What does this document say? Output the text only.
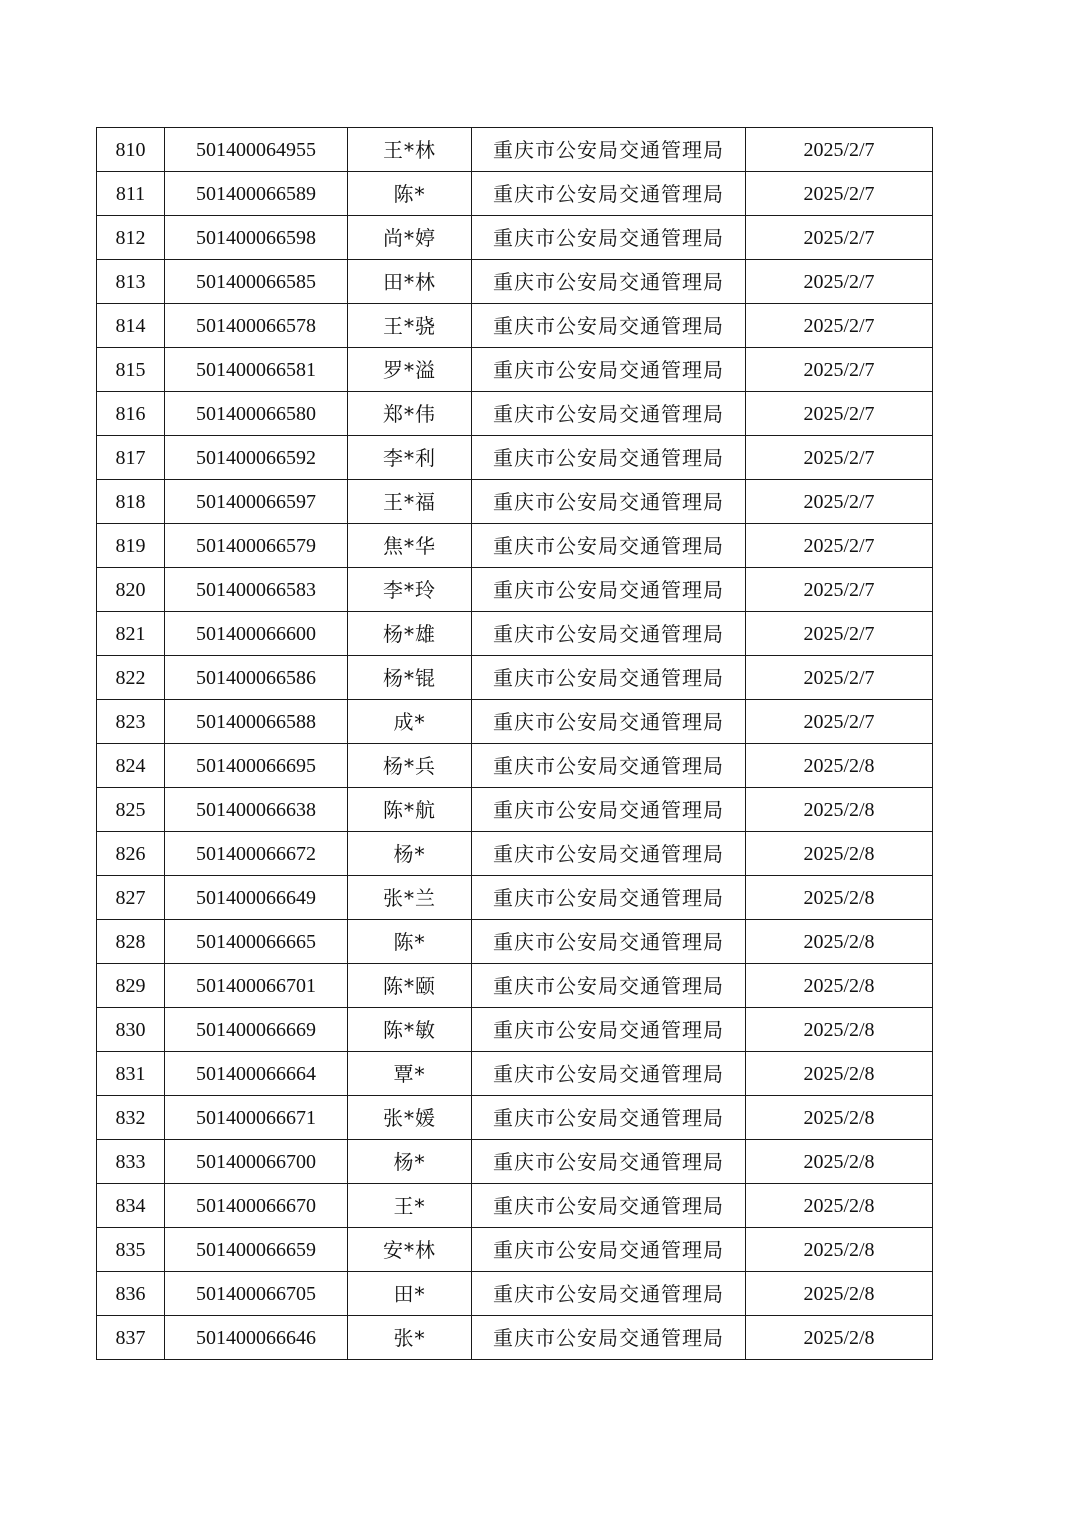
810	501400064955	王*林	重庆市公安局交通管理局	2025/2/7
811	501400066589	陈*	重庆市公安局交通管理局	2025/2/7
812	501400066598	尚*婷	重庆市公安局交通管理局	2025/2/7
813	501400066585	田*林	重庆市公安局交通管理局	2025/2/7
814	501400066578	王*骁	重庆市公安局交通管理局	2025/2/7
815	501400066581	罗*溢	重庆市公安局交通管理局	2025/2/7
816	501400066580	郑*伟	重庆市公安局交通管理局	2025/2/7
817	501400066592	李*利	重庆市公安局交通管理局	2025/2/7
818	501400066597	王*福	重庆市公安局交通管理局	2025/2/7
819	501400066579	焦*华	重庆市公安局交通管理局	2025/2/7
820	501400066583	李*玲	重庆市公安局交通管理局	2025/2/7
821	501400066600	杨*雄	重庆市公安局交通管理局	2025/2/7
822	501400066586	杨*锟	重庆市公安局交通管理局	2025/2/7
823	501400066588	成*	重庆市公安局交通管理局	2025/2/7
824	501400066695	杨*兵	重庆市公安局交通管理局	2025/2/8
825	501400066638	陈*航	重庆市公安局交通管理局	2025/2/8
826	501400066672	杨*	重庆市公安局交通管理局	2025/2/8
827	501400066649	张*兰	重庆市公安局交通管理局	2025/2/8
828	501400066665	陈*	重庆市公安局交通管理局	2025/2/8
829	501400066701	陈*颐	重庆市公安局交通管理局	2025/2/8
830	501400066669	陈*敏	重庆市公安局交通管理局	2025/2/8
831	501400066664	覃*	重庆市公安局交通管理局	2025/2/8
832	501400066671	张*媛	重庆市公安局交通管理局	2025/2/8
833	501400066700	杨*	重庆市公安局交通管理局	2025/2/8
834	501400066670	王*	重庆市公安局交通管理局	2025/2/8
835	501400066659	安*林	重庆市公安局交通管理局	2025/2/8
836	501400066705	田*	重庆市公安局交通管理局	2025/2/8
837	501400066646	张*	重庆市公安局交通管理局	2025/2/8
